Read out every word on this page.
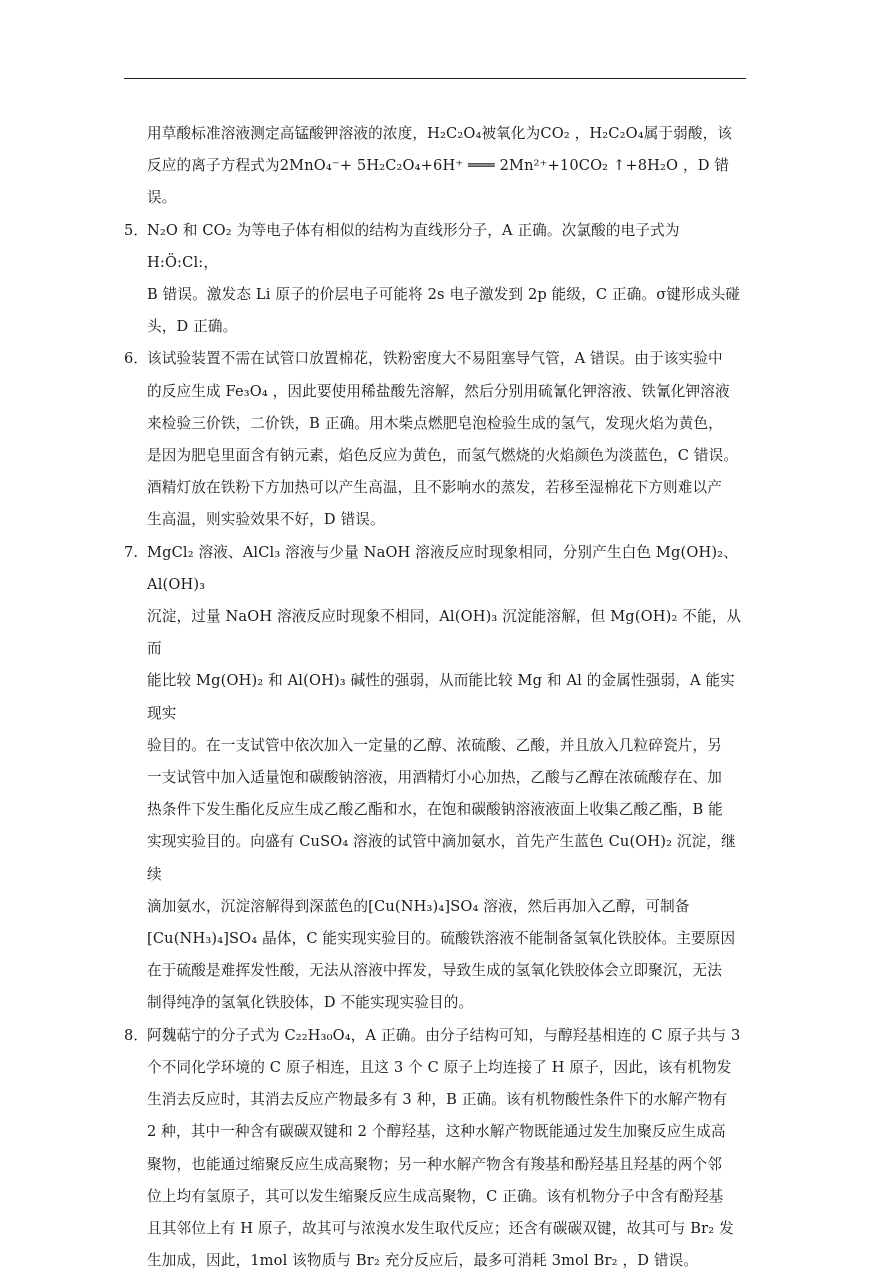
用草酸标准溶液测定高锰酸钾溶液的浓度，H₂C₂O₄被氧化为CO₂ ，H₂C₂O₄属于弱酸，该
反应的离子方程式为2MnO₄⁻+ 5H₂C₂O₄+6H⁺ ═══ 2Mn²⁺+10CO₂ ↑+8H₂O ，D 错误。
5．
N₂O 和 CO₂ 为等电子体有相似的结构为直线形分子，A 正确。次氯酸的电子式为H:Ö:Cl:，
B 错误。激发态 Li 原子的价层电子可能将 2s 电子激发到 2p 能级，C 正确。σ键形成头碰
头，D 正确。
6．
该试验装置不需在试管口放置棉花，铁粉密度大不易阻塞导气管，A 错误。由于该实验中
的反应生成 Fe₃O₄ ，因此要使用稀盐酸先溶解，然后分别用硫氰化钾溶液、铁氰化钾溶液
来检验三价铁，二价铁，B 正确。用木柴点燃肥皂泡检验生成的氢气，发现火焰为黄色，
是因为肥皂里面含有钠元素，焰色反应为黄色，而氢气燃烧的火焰颜色为淡蓝色，C 错误。
酒精灯放在铁粉下方加热可以产生高温，且不影响水的蒸发，若移至湿棉花下方则难以产
生高温，则实验效果不好，D 错误。
7. MgCl₂ 溶液、AlCl₃ 溶液与少量 NaOH 溶液反应时现象相同，分别产生白色 Mg(OH)₂、Al(OH)₃
沉淀，过量 NaOH 溶液反应时现象不相同，Al(OH)₃ 沉淀能溶解，但 Mg(OH)₂ 不能，从而
能比较 Mg(OH)₂ 和 Al(OH)₃ 碱性的强弱，从而能比较 Mg 和 Al 的金属性强弱，A 能实现实
验目的。在一支试管中依次加入一定量的乙醇、浓硫酸、乙酸，并且放入几粒碎瓷片，另
一支试管中加入适量饱和碳酸钠溶液，用酒精灯小心加热，乙酸与乙醇在浓硫酸存在、加
热条件下发生酯化反应生成乙酸乙酯和水，在饱和碳酸钠溶液液面上收集乙酸乙酯，B 能
实现实验目的。向盛有 CuSO₄ 溶液的试管中滴加氨水，首先产生蓝色 Cu(OH)₂ 沉淀，继续
滴加氨水，沉淀溶解得到深蓝色的[Cu(NH₃)₄]SO₄ 溶液，然后再加入乙醇，可制备
[Cu(NH₃)₄]SO₄ 晶体，C 能实现实验目的。硫酸铁溶液不能制备氢氧化铁胶体。主要原因
在于硫酸是难挥发性酸，无法从溶液中挥发，导致生成的氢氧化铁胶体会立即聚沉，无法
制得纯净的氢氧化铁胶体，D 不能实现实验目的。
8．
阿魏萜宁的分子式为 C₂₂H₃₀O₄，A 正确。由分子结构可知，与醇羟基相连的 C 原子共与 3
个不同化学环境的 C 原子相连，且这 3 个 C 原子上均连接了 H 原子，因此，该有机物发
生消去反应时，其消去反应产物最多有 3 种，B 正确。该有机物酸性条件下的水解产物有
2 种，其中一种含有碳碳双键和 2 个醇羟基，这种水解产物既能通过发生加聚反应生成高
聚物，也能通过缩聚反应生成高聚物；另一种水解产物含有羧基和酚羟基且羟基的两个邻
位上均有氢原子，其可以发生缩聚反应生成高聚物，C 正确。该有机物分子中含有酚羟基
且其邻位上有 H 原子，故其可与浓溴水发生取代反应；还含有碳碳双键，故其可与 Br₂ 发
生加成，因此，1mol 该物质与 Br₂ 充分反应后，最多可消耗 3mol Br₂ ，D 错误。
